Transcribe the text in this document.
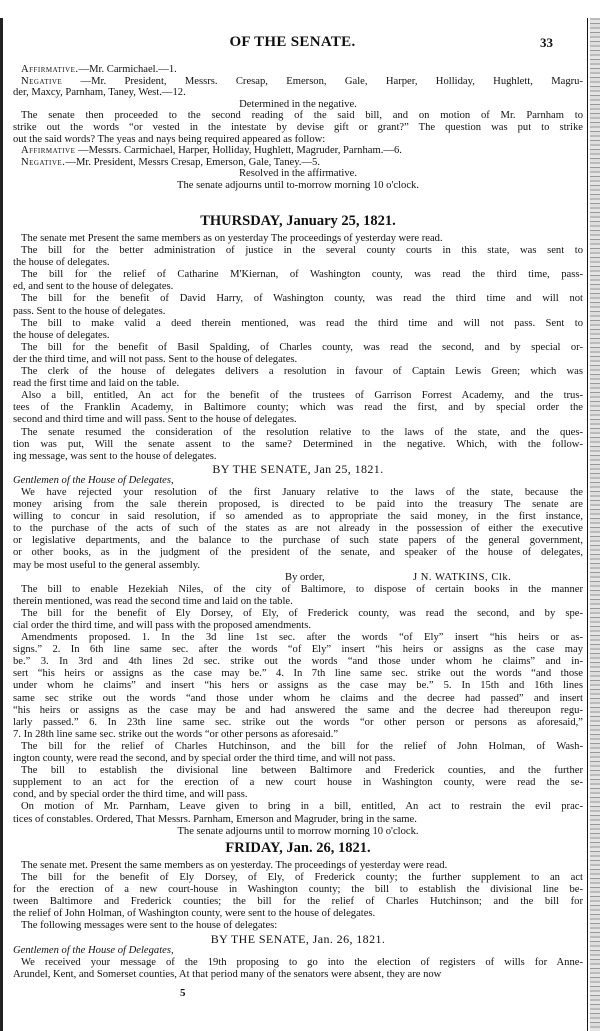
OF THE SENATE.	33
Affirmative.—Mr. Carmichael.—1.
Negative —Mr. President, Messrs. Cresap, Emerson, Gale, Harper, Holliday, Hughlett, Magru-
der, Maxcy, Parnham, Taney, West.—12.
Determined in the negative.
The senate then proceeded to the second reading of the said bill, and on motion of Mr. Parnham to
strike out the words “or vested in the intestate by devise gift or grant?” The question was put to strike
out the said words? The yeas and nays being required appeared as follow:
Affirmative —Messrs. Carmichael, Harper, Holliday, Hughlett, Magruder, Parnham.—6.
Negative.—Mr. President, Messrs Cresap, Emerson, Gale, Taney.—5.
Resolved in the affirmative.
The senate adjourns until to-morrow morning 10 o'clock.
THURSDAY, January 25, 1821.
The senate met Present the same members as on yesterday The proceedings of yesterday were read.
The bill for the better administration of justice in the several county courts in this state, was sent to
the house of delegates.
The bill for the relief of Catharine M'Kiernan, of Washington county, was read the third time, pass-
ed, and sent to the house of delegates.
The bill for the benefit of David Harry, of Washington county, was read the third time and will not
pass. Sent to the house of delegates.
The bill to make valid a deed therein mentioned, was read the third time and will not pass. Sent to
the house of delegates.
The bill for the benefit of Basil Spalding, of Charles county, was read the second, and by special or-
der the third time, and will not pass. Sent to the house of delegates.
The clerk of the house of delegates delivers a resolution in favour of Captain Lewis Green; which was
read the first time and laid on the table.
Also a bill, entitled, An act for the benefit of the trustees of Garrison Forrest Academy, and the trus-
tees of the Franklin Academy, in Baltimore county; which was read the first, and by special order the
second and third time and will pass. Sent to the house of delegates.
The senate resumed the consideration of the resolution relative to the laws of the state, and the ques-
tion was put, Will the senate assent to the same? Determined in the negative. Which, with the follow-
ing message, was sent to the house of delegates.
BY THE SENATE, Jan 25, 1821.
Gentlemen of the House of Delegates,
We have rejected your resolution of the first January relative to the laws of the state, because the
money arising from the sale therein proposed, is directed to be paid into the treasury The senate are
willing to concur in said resolution, if so amended as to appropriate the said money, in the first instance,
to the purchase of the acts of such of the states as are not already in the possession of either the executive
or legislative departments, and the balance to the purchase of such state papers of the general government,
or other books, as in the judgment of the president of the senate, and speaker of the house of delegates,
may be most useful to the general assembly.

By order,	J N. WATKINS, Clk.
The bill to enable Hezekiah Niles, of the city of Baltimore, to dispose of certain books in the manner
therein mentioned, was read the second time and laid on the table.
The bill for the benefit of Ely Dorsey, of Ely, of Frederick county, was read the second, and by spe-
cial order the third time, and will pass with the proposed amendments.
Amendments proposed. 1. In the 3d line 1st sec. after the words “of Ely” insert “his heirs or as-
signs.” 2. In 6th line same sec. after the words “of Ely” insert “his heirs or assigns as the case may
be.” 3. In 3rd and 4th lines 2d sec. strike out the words “and those under whom he claims” and in-
sert “his heirs or assigns as the case may be.” 4. In 7th line same sec. strike out the words “and those
under whom he claims” and insert “his hers or assigns as the case may be.” 5. In 15th and 16th lines
same sec strike out the words “and those under whom he claims and the decree had passed” and insert
“his heirs or assigns as the case may be and had answered the same and the decree had thereupon regu-
larly passed.” 6. In 23th line same sec. strike out the words “or other person or persons as aforesaid,”
7. In 28th line same sec. strike out the words “or other persons as aforesaid.”
The bill for the relief of Charles Hutchinson, and the bill for the relief of John Holman, of Wash-
ington county, were read the second, and by special order the third time, and will not pass.
The bill to establish the divisional line between Baltimore and Frederick counties, and the further
supplement to an act for the erection of a new court house in Washington county, were read the se-
cond, and by special order the third time, and will pass.
On motion of Mr. Parnham, Leave given to bring in a bill, entitled, An act to restrain the evil prac-
tices of constables. Ordered, That Messrs. Parnham, Emerson and Magruder, bring in the same.
The senate adjourns until to morrow morning 10 o'clock.
FRIDAY, Jan. 26, 1821.
The senate met. Present the same members as on yesterday. The proceedings of yesterday were read.
The bill for the benefit of Ely Dorsey, of Ely, of Frederick county; the further supplement to an act
for the erection of a new court-house in Washington county; the bill to establish the divisional line be-
tween Baltimore and Frederick counties; the bill for the relief of Charles Hutchinson; and the bill for
the relief of John Holman, of Washington county, were sent to the house of delegates.
The following messages were sent to the house of delegates:
BY THE SENATE, Jan. 26, 1821.
Gentlemen of the House of Delegates,
We received your message of the 19th proposing to go into the election of registers of wills for Anne-
Arundel, Kent, and Somerset counties, At that period many of the senators were absent, they are now
5
